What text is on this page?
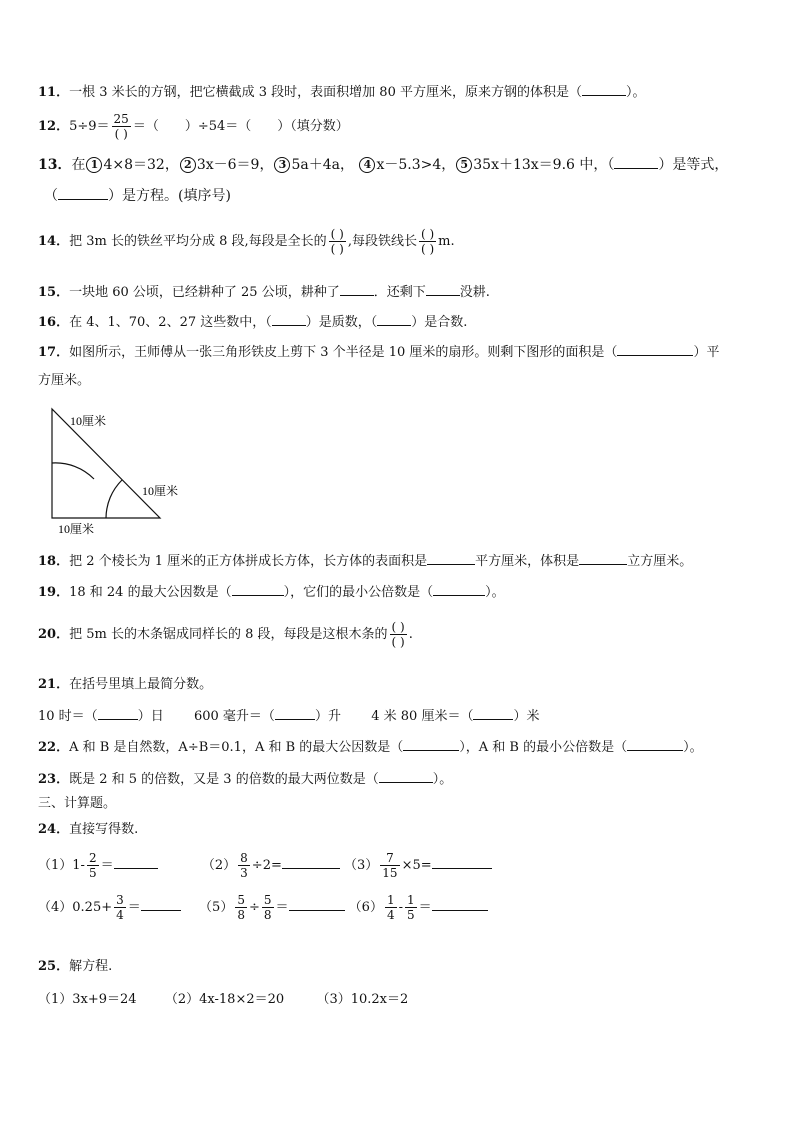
11．一根 3 米长的方钢，把它横截成 3 段时，表面积增加 80 平方厘米，原来方钢的体积是（	）。
12．$5\div 9= \frac{25}{( )}$ ＝（　　）÷54＝（　　）（填分数）
13．在 1 4×8＝32， 2 3x－6＝9， 3 5a＋4a， 4 x－5.3>4， 5 35x＋13x＝9.6 中，（	）是等式，
（	）是方程。(填序号)
14．把 3m 长的铁丝平均分成 8 段,每段是全长的 $\frac{( )}{( )}$ ,每段铁线长 $\frac{( )}{( )} m$.
15．一块地 60 公顷，已经耕种了 25 公顷，耕种了	．还剩下	没耕.
16．在 4、1、70、2、27 这些数中，（	）是质数，（	）是合数.
17．如图所示，王师傅从一张三角形铁皮上剪下 3 个半径是 10 厘米的扇形。则剩下图形的面积是（	）平
方厘米。
10厘米
10厘米
10厘米
18．把 2 个棱长为 1 厘米的正方体拼成长方体，长方体的表面积是	平方厘米，体积是	立方厘米。
19．18 和 24 的最大公因数是（	），它们的最小公倍数是（	）。
20．把 5m 长的木条锯成同样长的 8 段，每段是这根木条的 $\frac{( )}{( )}$ .
21．在括号里填上最简分数。
10 时＝（	）日 600 毫升＝（	）升 4 米 80 厘米＝（	）米
22．A 和 B 是自然数，A÷B＝0.1，A 和 B 的最大公因数是（	），A 和 B 的最小公倍数是（	）。
23．既是 2 和 5 的倍数，又是 3 的倍数的最大两位数是（	）。
三、计算题。
24．直接写得数.
$(1)1- \frac{2}{5}$ ＝	$(2) \frac{8}{3} \div 2=$	$(3) \frac{7}{15} \times 5=$
$(4)0.25+ \frac{3}{4}$ ＝	$(5) \frac{5}{8} \div \frac{5}{8}$ ＝	$(6) \frac{1}{4} - \frac{1}{5}$ ＝
25．解方程.
（1）3x+9＝24 （2）4x-18×2＝20 （3）10.2x＝2
